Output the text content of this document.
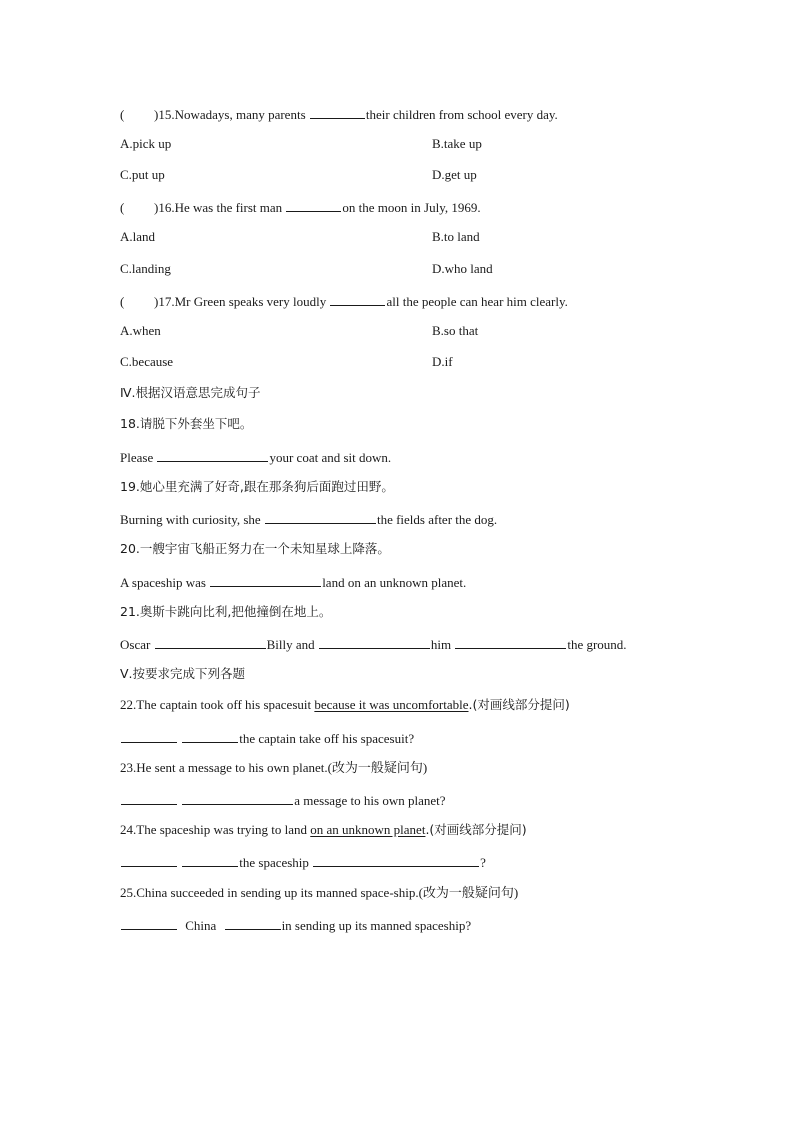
( )15.Nowadays, many parents	their children from school every day.
A.pick up	B.take up
C.put up	D.get up
( )16.He was the first man	on the moon in July, 1969.
A.land	B.to land
C.landing	D.who land
( )17.Mr Green speaks very loudly	all the people can hear him clearly.
A.when	B.so that
C.because	D.if
Ⅳ.根据汉语意思完成句子
18.请脱下外套坐下吧。
Please	your coat and sit down.
19.她心里充满了好奇,跟在那条狗后面跑过田野。
Burning with curiosity, she	the fields after the dog.
20.一艘宇宙飞船正努力在一个未知星球上降落。
A spaceship was	land on an unknown planet.
21.奥斯卡跳向比利,把他撞倒在地上。
Oscar	Billy and	him	the ground.
Ⅴ.按要求完成下列各题
22.The captain took off his spacesuit because it was uncomfortable.(对画线部分提问)
the captain take off his spacesuit?
23.He sent a message to his own planet.(改为一般疑问句)
a message to his own planet?
24.The spaceship was trying to land on an unknown planet.(对画线部分提问)
the spaceship	?
25.China succeeded in sending up its manned space-ship.(改为一般疑问句)
China	in sending up its manned spaceship?
